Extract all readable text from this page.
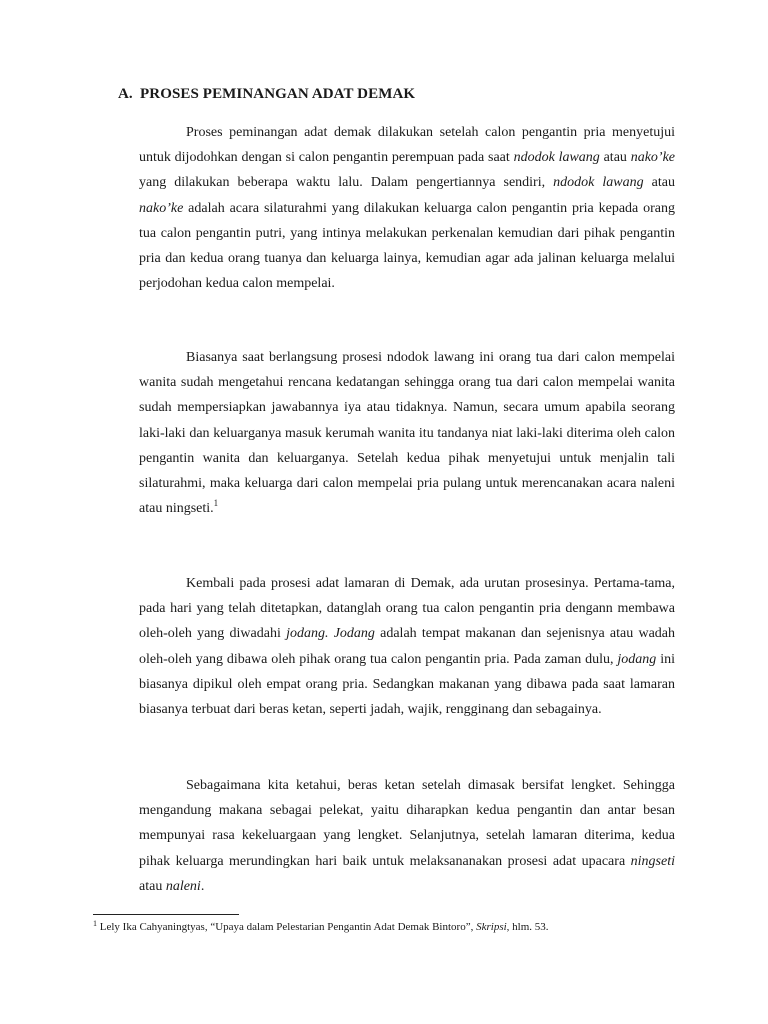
A. PROSES PEMINANGAN ADAT DEMAK

Proses peminangan adat demak dilakukan setelah calon pengantin pria menyetujui untuk dijodohkan dengan si calon pengantin perempuan pada saat ndodok lawang atau nako’ke yang dilakukan beberapa waktu lalu. Dalam pengertiannya sendiri, ndodok lawang atau nako’ke adalah acara silaturahmi yang dilakukan keluarga calon pengantin pria kepada orang tua calon pengantin putri, yang intinya melakukan perkenalan kemudian dari pihak pengantin pria dan kedua orang tuanya dan keluarga lainya, kemudian agar ada jalinan keluarga melalui perjodohan kedua calon mempelai.

Biasanya saat berlangsung prosesi ndodok lawang ini orang tua dari calon mempelai wanita sudah mengetahui rencana kedatangan sehingga orang tua dari calon mempelai wanita sudah mempersiapkan jawabannya iya atau tidaknya. Namun, secara umum apabila seorang laki-laki dan keluarganya masuk kerumah wanita itu tandanya niat laki-laki diterima oleh calon pengantin wanita dan keluarganya. Setelah kedua pihak menyetujui untuk menjalin tali silaturahmi, maka keluarga dari calon mempelai pria pulang untuk merencanakan acara naleni atau ningseti.$^1$

Kembali pada prosesi adat lamaran di Demak, ada urutan prosesinya. Pertama-tama, pada hari yang telah ditetapkan, datanglah orang tua calon pengantin pria dengann membawa oleh-oleh yang diwadahi jodang. Jodang adalah tempat makanan dan sejenisnya atau wadah oleh-oleh yang dibawa oleh pihak orang tua calon pengantin pria. Pada zaman dulu, jodang ini biasanya dipikul oleh empat orang pria. Sedangkan makanan yang dibawa pada saat lamaran biasanya terbuat dari beras ketan, seperti jadah, wajik, rengginang dan sebagainya.

Sebagaimana kita ketahui, beras ketan setelah dimasak bersifat lengket. Sehingga mengandung makana sebagai pelekat, yaitu diharapkan kedua pengantin dan antar besan mempunyai rasa kekeluargaan yang lengket. Selanjutnya, setelah lamaran diterima, kedua pihak keluarga merundingkan hari baik untuk melaksananakan prosesi adat upacara ningseti atau naleni.

$^1$ Lely Ika Cahyaningtyas, “Upaya dalam Pelestarian Pengantin Adat Demak Bintoro”, Skripsi, hlm. 53.
